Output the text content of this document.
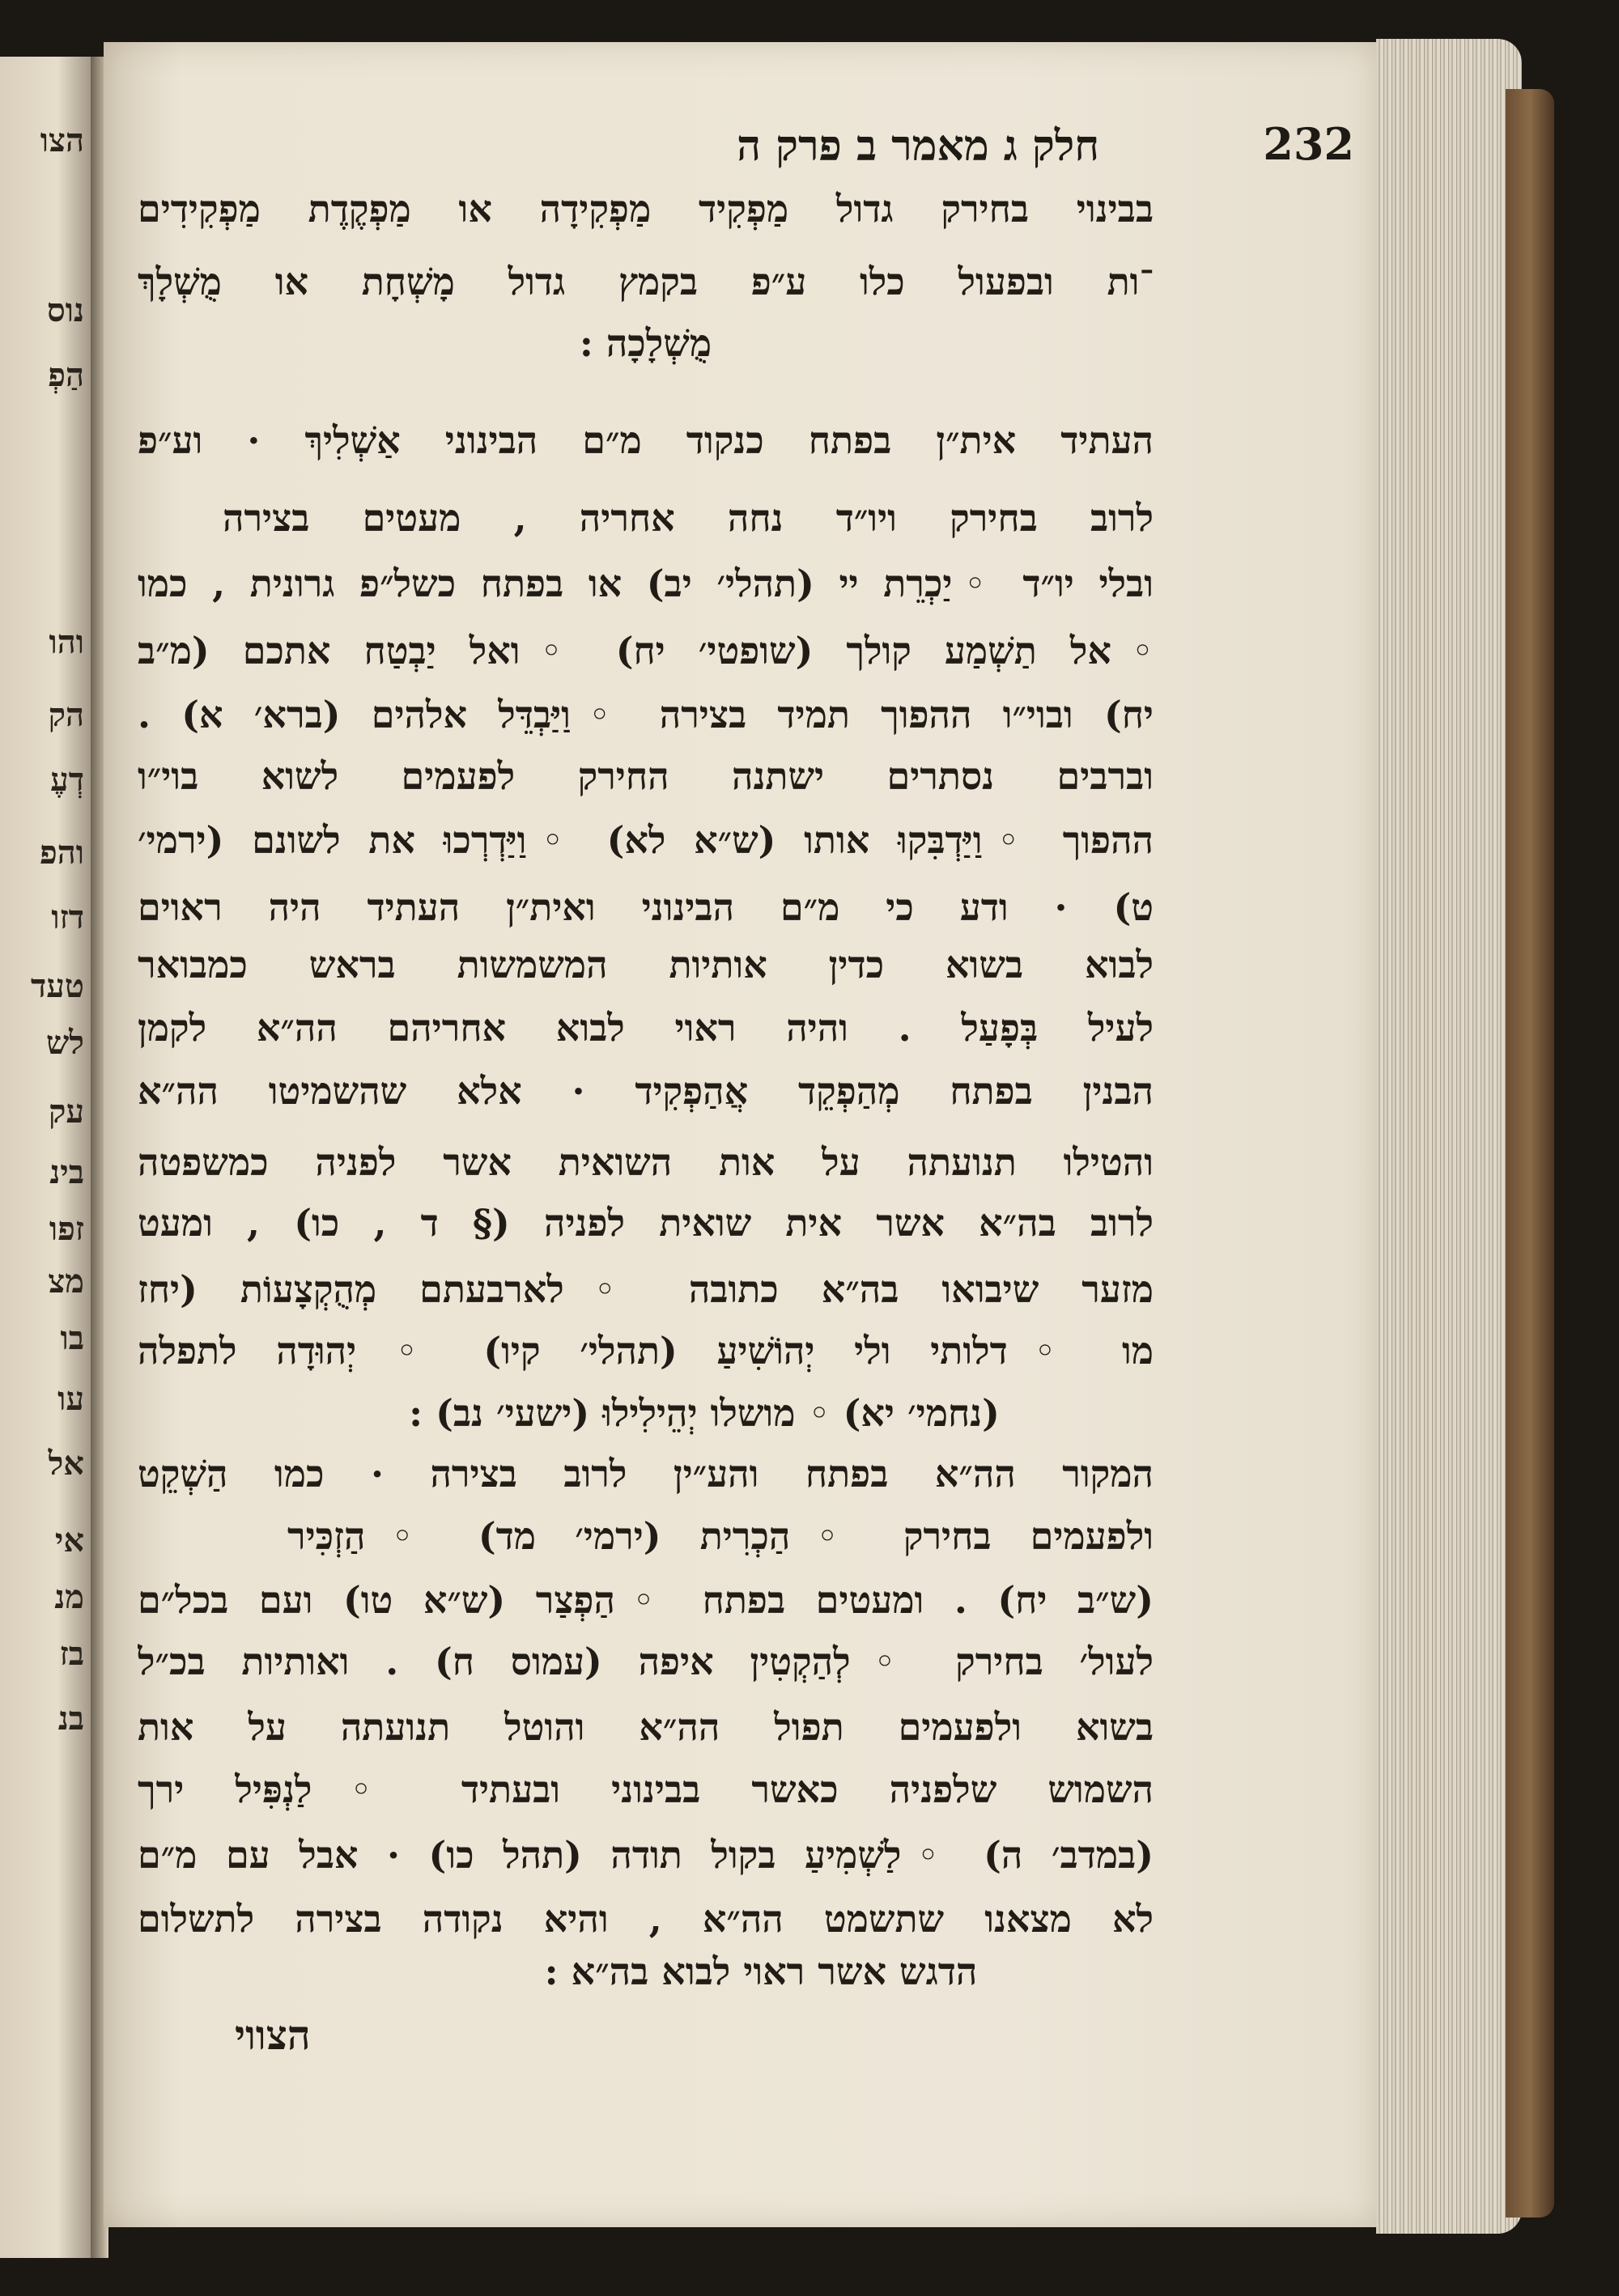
הצו
נוס
הַפְ
והו
הק
דְעֶ
והפ
דזו
טעד
לש
עק
בינ
זפו
מצ
בו
עו
אל
אי
מנ
בז
בנ
232
חלק ג מאמר ב פרק ה
בבינוי בחירק גדול מַפְקִיד מַפְקִידָה או מַפְקֶדֶת מַפְקִידִים
־ות ובפעול כלו ע״פ בקמץ גדול מָשְׁחָת או מֻשְׁלָךְ
מֻשְׁלָכָה :
העתיד אית״ן בפתח כנקוד מ״ם הבינוני אַשְׁלִיךְ · וע״פ
לרוב בחירק ויו״ד נחה אחריה , מעטים בצירה
ובלי יו״ד ◦יַכְרֵת יי (תהלי׳ יב) או בפתח כשל״פ גרונית , כמו
◦אל תַשְׁמַע קולך (שופטי׳ יח) ◦ואל יַבְטַח אתכם (מ״ב
יח) ובוי״ו ההפוך תמיד בצירה ◦וַיַּבְדֵּל אלהים (ברא׳ א) .
וברבים נסתרים ישתנה החירק לפעמים לשוא בוי״ו
ההפוך ◦וַיַּדְבִּקוּ אותו (ש״א לא) ◦וַיַּדְרְכוּ את לשונם (ירמי׳
ט) · ודע כי מ״ם הבינוני ואית״ן העתיד היה ראוים
לבוא בשוא כדין אותיות המשמשות בראש כמבואר
לעיל בְּפָעַל . והיה ראוי לבוא אחריהם הה״א לקמן
הבנין בפתח מְהַפְקֵד אֲהַפְקִיד · אלא שהשמיטו הה״א
והטילו תנועתה על אות השואית אשר לפניה כמשפטה
לרוב בה״א אשר אית שואית לפניה (§ ד , כו) , ומעט
מזער שיבואו בה״א כתובה ◦לארבעתם מְהֻקְצָעוֹת (יחז
מו ◦דלותי ולי יְהוֹשִׁיעַ (תהלי׳ קיו) ◦ יְהוּדָה לתפלה
(נחמי׳ יא) ◦ מושלו יְהֵילִילוּ (ישעי׳ נב) :
המקור הה״א בפתח והע״ין לרוב בצירה · כמו הַשְׁקֵט
ולפעמים בחירק ◦הַכְרִית (ירמי׳ מד) ◦הַזְכִּיר
(ש״ב יח) . ומעטים בפתח ◦הַפְצַר (ש״א טו) ועם בכל״ם
לעול׳ בחירק ◦לְהַקְטִין איפה (עמוס ח) . ואותיות בכ״ל
בשוא ולפעמים תפול הה״א והוטל תנועתה על אות
השמוש שלפניה כאשר בבינוני ובעתיד ◦לַנְפִּיל ירך
(במדב׳ ה) ◦לַשְׁמִיעַ בקול תודה (תהל כו) · אבל עם מ״ם
לא מצאנו שתשמט הה״א , והיא נקודה בצירה לתשלום
הדגש אשר ראוי לבוא בה״א :
הצווי
